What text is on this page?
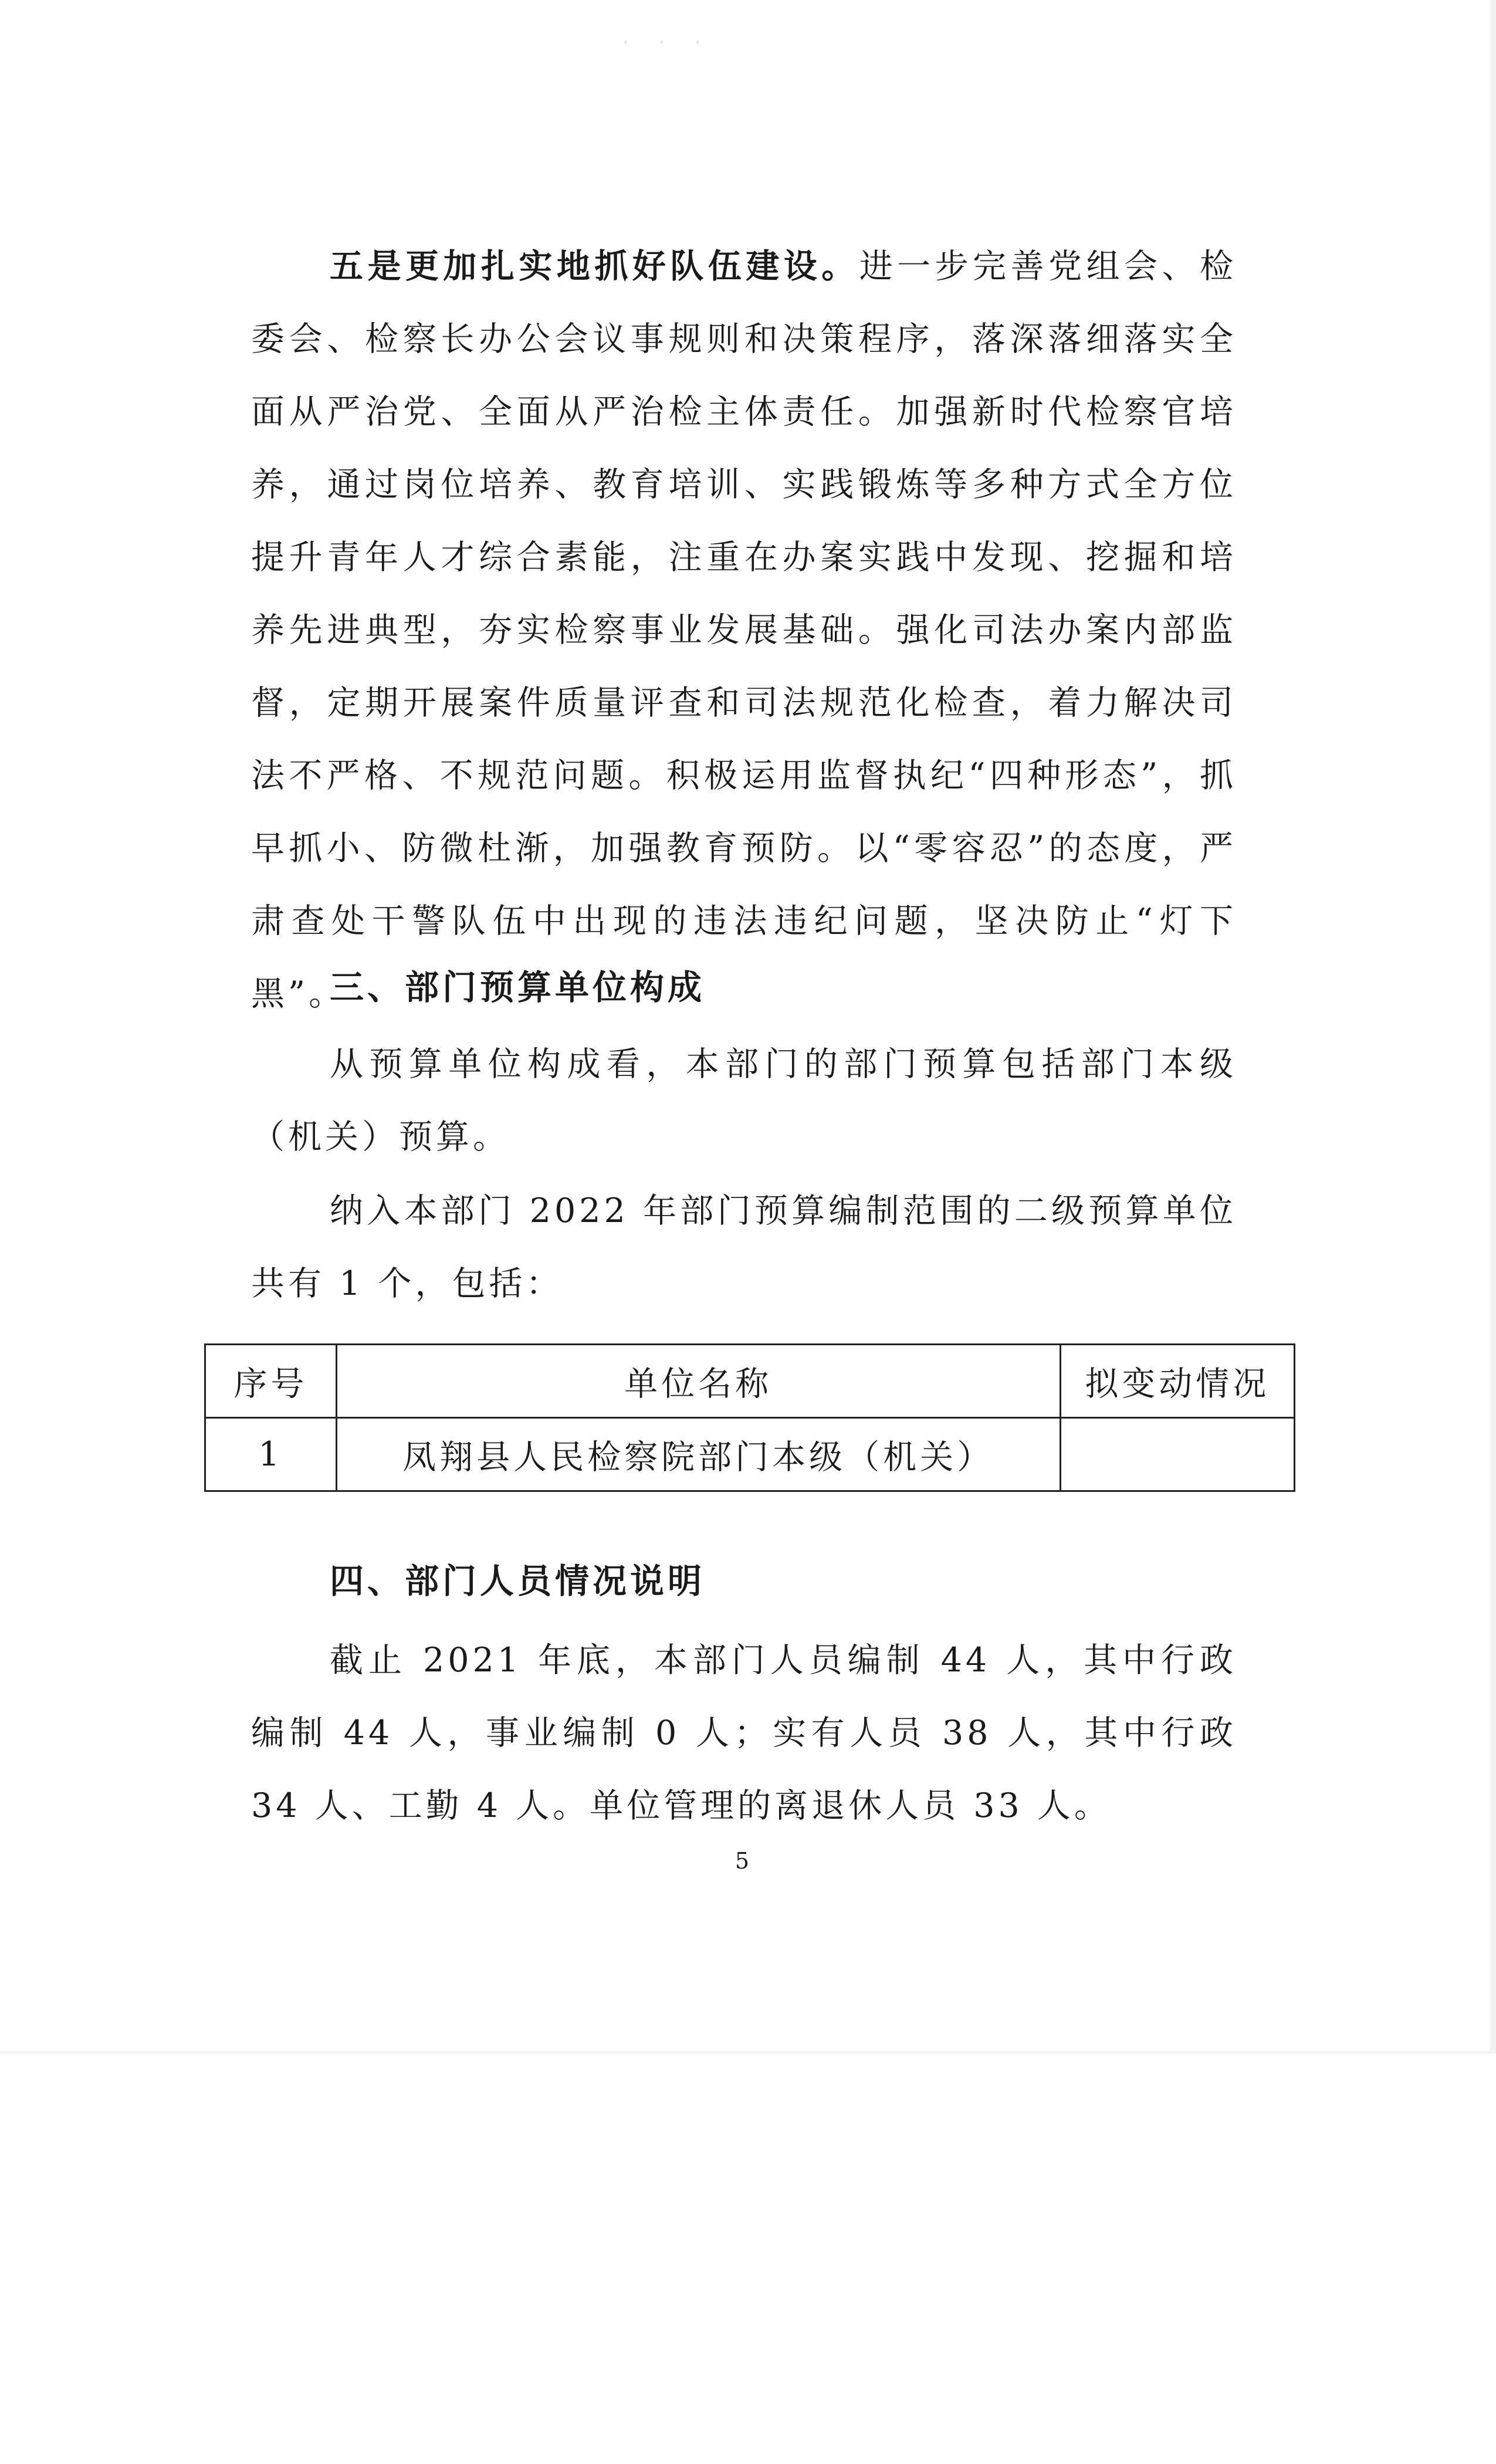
· · ·

五是更加扎实地抓好队伍建设。进一步完善党组会、检委会、检察长办公会议事规则和决策程序，落深落细落实全面从严治党、全面从严治检主体责任。加强新时代检察官培养，通过岗位培养、教育培训、实践锻炼等多种方式全方位提升青年人才综合素能，注重在办案实践中发现、挖掘和培养先进典型，夯实检察事业发展基础。强化司法办案内部监督，定期开展案件质量评查和司法规范化检查，着力解决司法不严格、不规范问题。积极运用监督执纪“四种形态”，抓早抓小、防微杜渐，加强教育预防。以“零容忍”的态度，严肃查处干警队伍中出现的违法违纪问题，坚决防止“灯下黑”。

三、部门预算单位构成

从预算单位构成看，本部门的部门预算包括部门本级（机关）预算。

纳入本部门 2022 年部门预算编制范围的二级预算单位共有 1 个，包括：

序号	单位名称	拟变动情况
1	凤翔县人民检察院部门本级（机关）	
四、部门人员情况说明

截止 2021 年底，本部门人员编制 44 人，其中行政编制 44 人，事业编制 0 人；实有人员 38 人，其中行政 34 人、工勤 4 人。单位管理的离退休人员 33 人。

5
